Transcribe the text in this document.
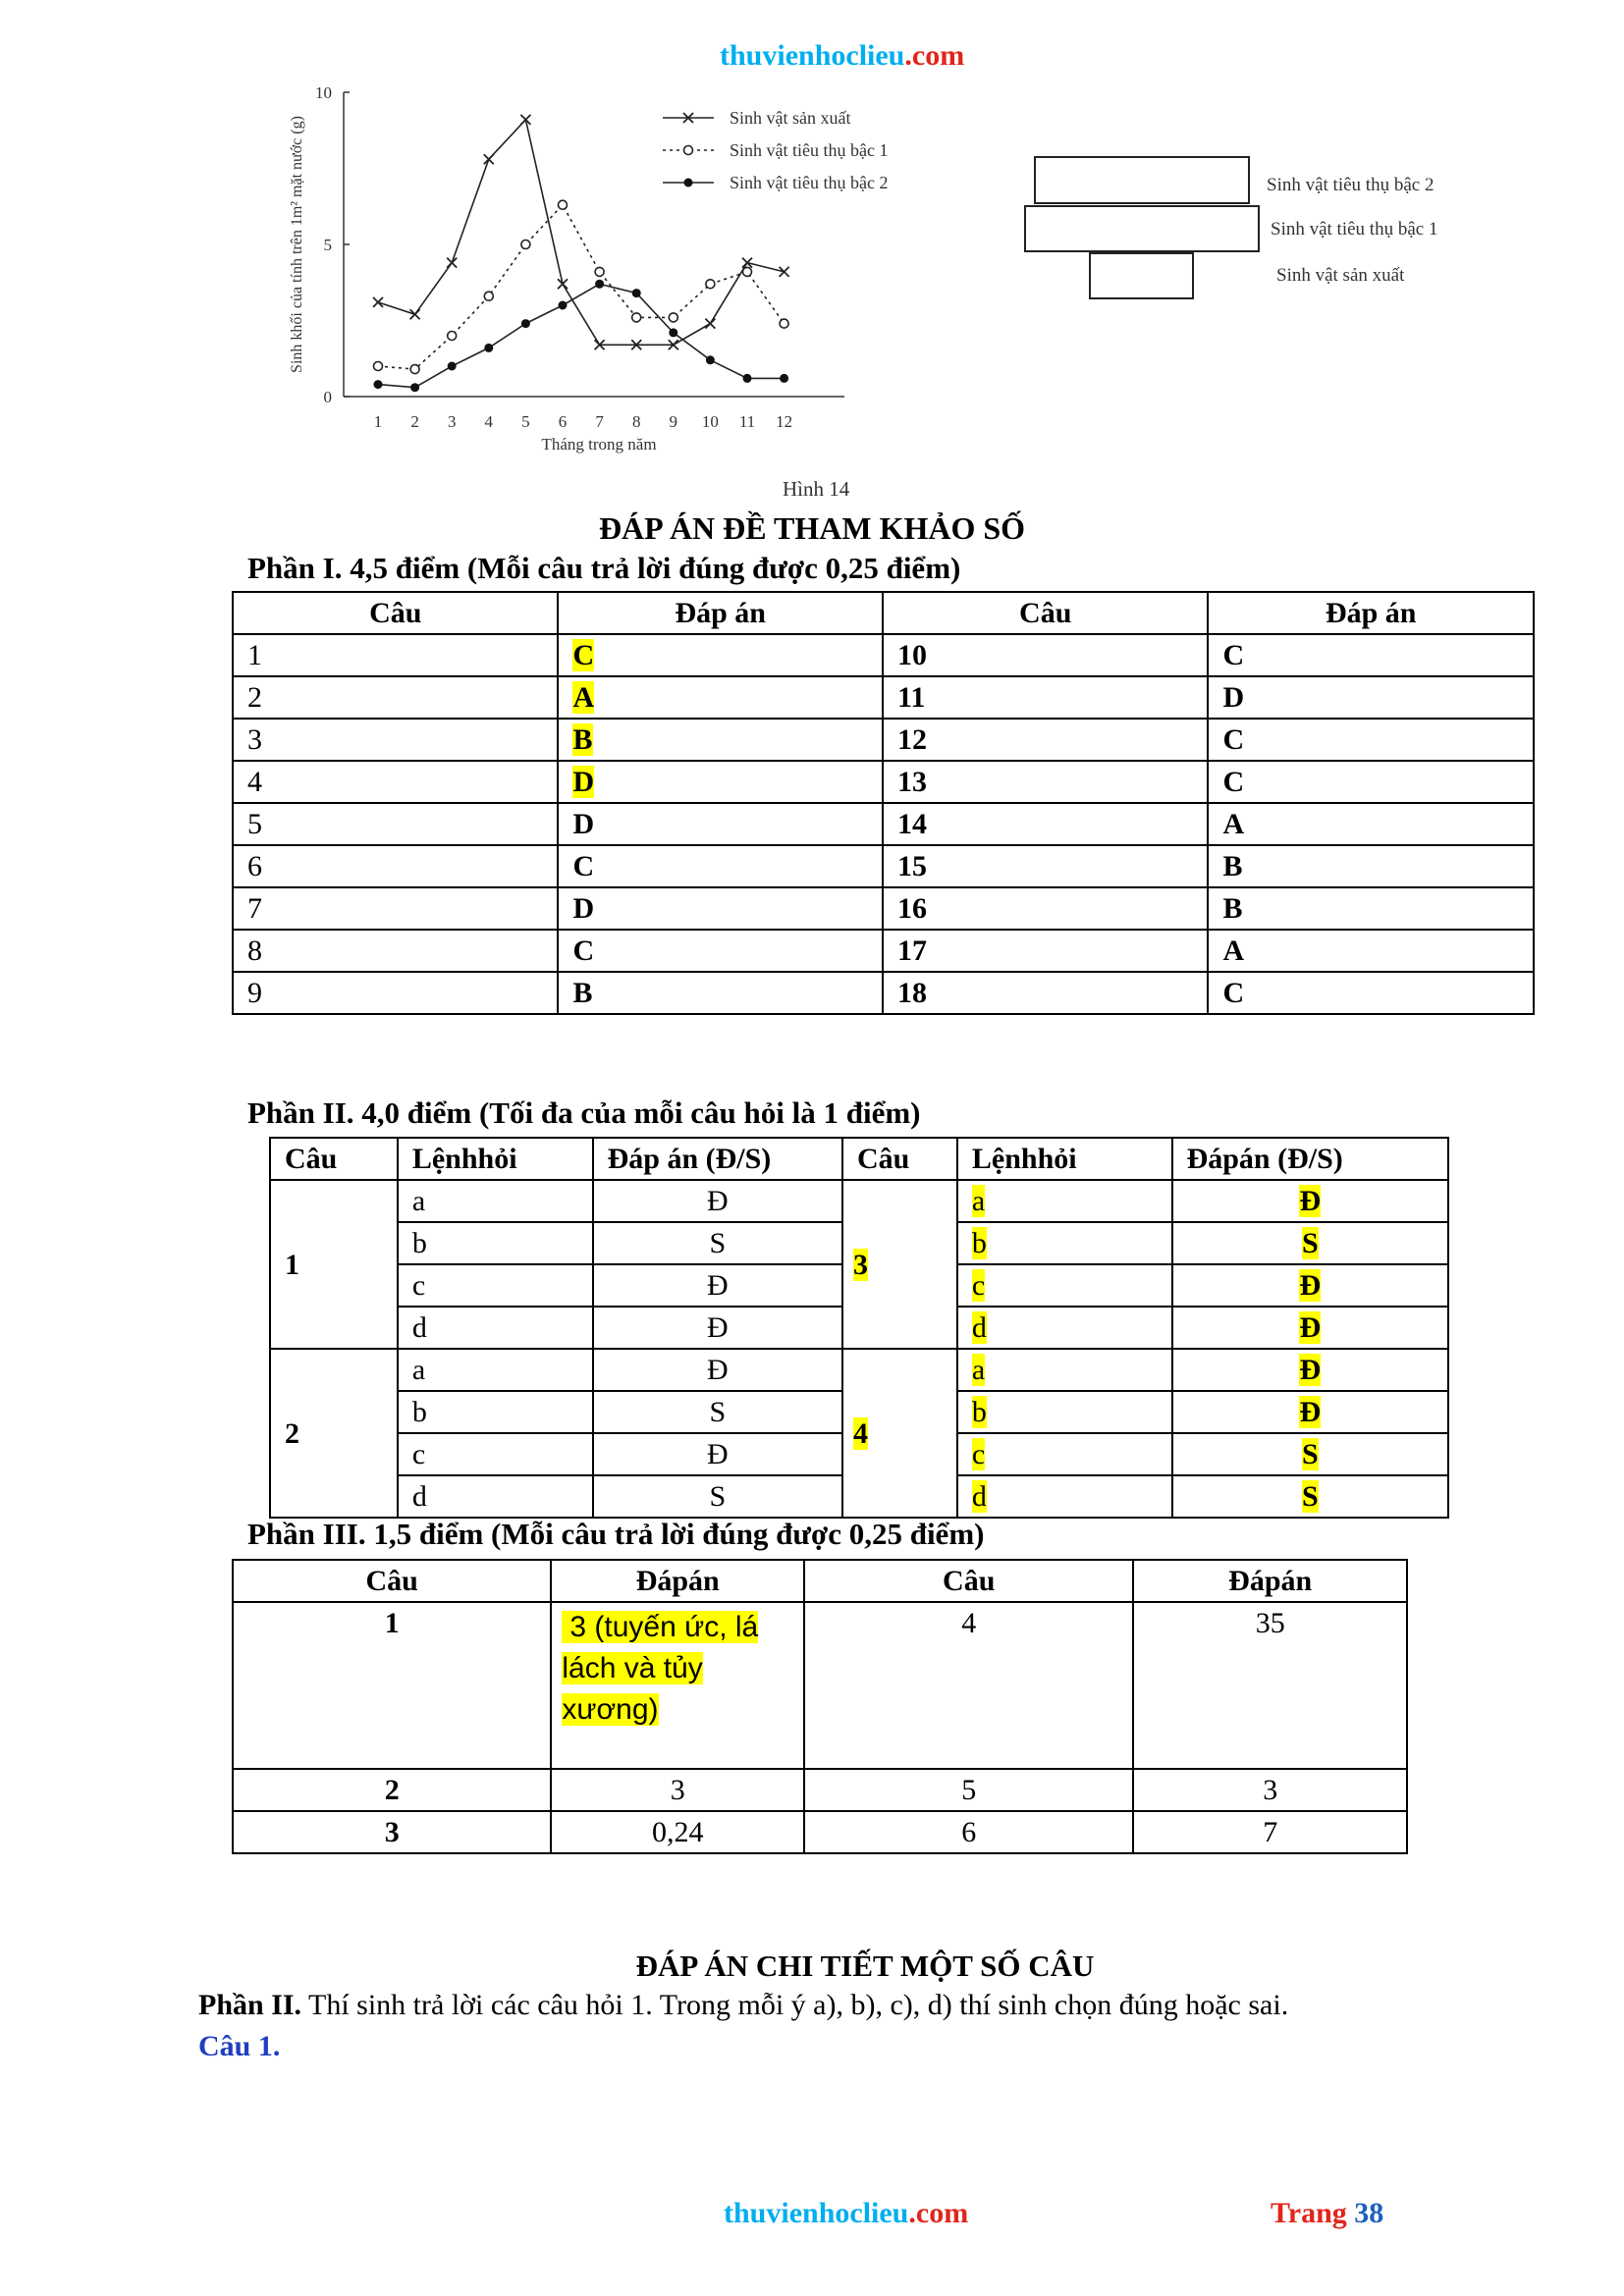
thuvienhoclieu.com
0
5
10
1 2 3 4 5 6 7 8 9 10 11 12
Tháng trong năm
Sinh khối của tính trên 1m² mặt nước (g)	Sinh vật sản xuất
Sinh vật tiêu thụ bậc 1
Sinh vật tiêu thụ bậc 2	Sinh vật tiêu thụ bậc 2
Sinh vật tiêu thụ bậc 1
Sinh vật sản xuất
Hình 14
ĐÁP ÁN ĐỀ THAM KHẢO SỐ
Phần I. 4,5 điểm (Mỗi câu trả lời đúng được 0,25 điểm)
Câu	Đáp án	Câu	Đáp án
1	C	10	C
2	A	11	D
3	B	12	C
4	D	13	C
5	D	14	A
6	C	15	B
7	D	16	B
8	C	17	A
9	B	18	C
Phần II. 4,0 điểm (Tối đa của mỗi câu hỏi là 1 điểm)
Câu	Lệnhhỏi	Đáp án (Đ/S)	Câu	Lệnhhỏi	Đápán (Đ/S)
1	a	Đ	3	a	Đ
	b	S		b	S
	c	Đ		c	Đ
	d	Đ		d	Đ
2	a	Đ	4	a	Đ
	b	S		b	Đ
	c	Đ		c	S
	d	S		d	S
Phần III. 1,5 điểm (Mỗi câu trả lời đúng được 0,25 điểm)
Câu	Đápán	Câu	Đápán
1	3 (tuyến ức, lá
lách và tủy
xương)	4	35
2	3	5	3
3	0,24	6	7
ĐÁP ÁN CHI TIẾT MỘT SỐ CÂU
Phần II. Thí sinh trả lời các câu hỏi 1. Trong mỗi ý a), b), c), d) thí sinh chọn đúng hoặc sai.
Câu 1.
thuvienhoclieu.com	Trang 38
